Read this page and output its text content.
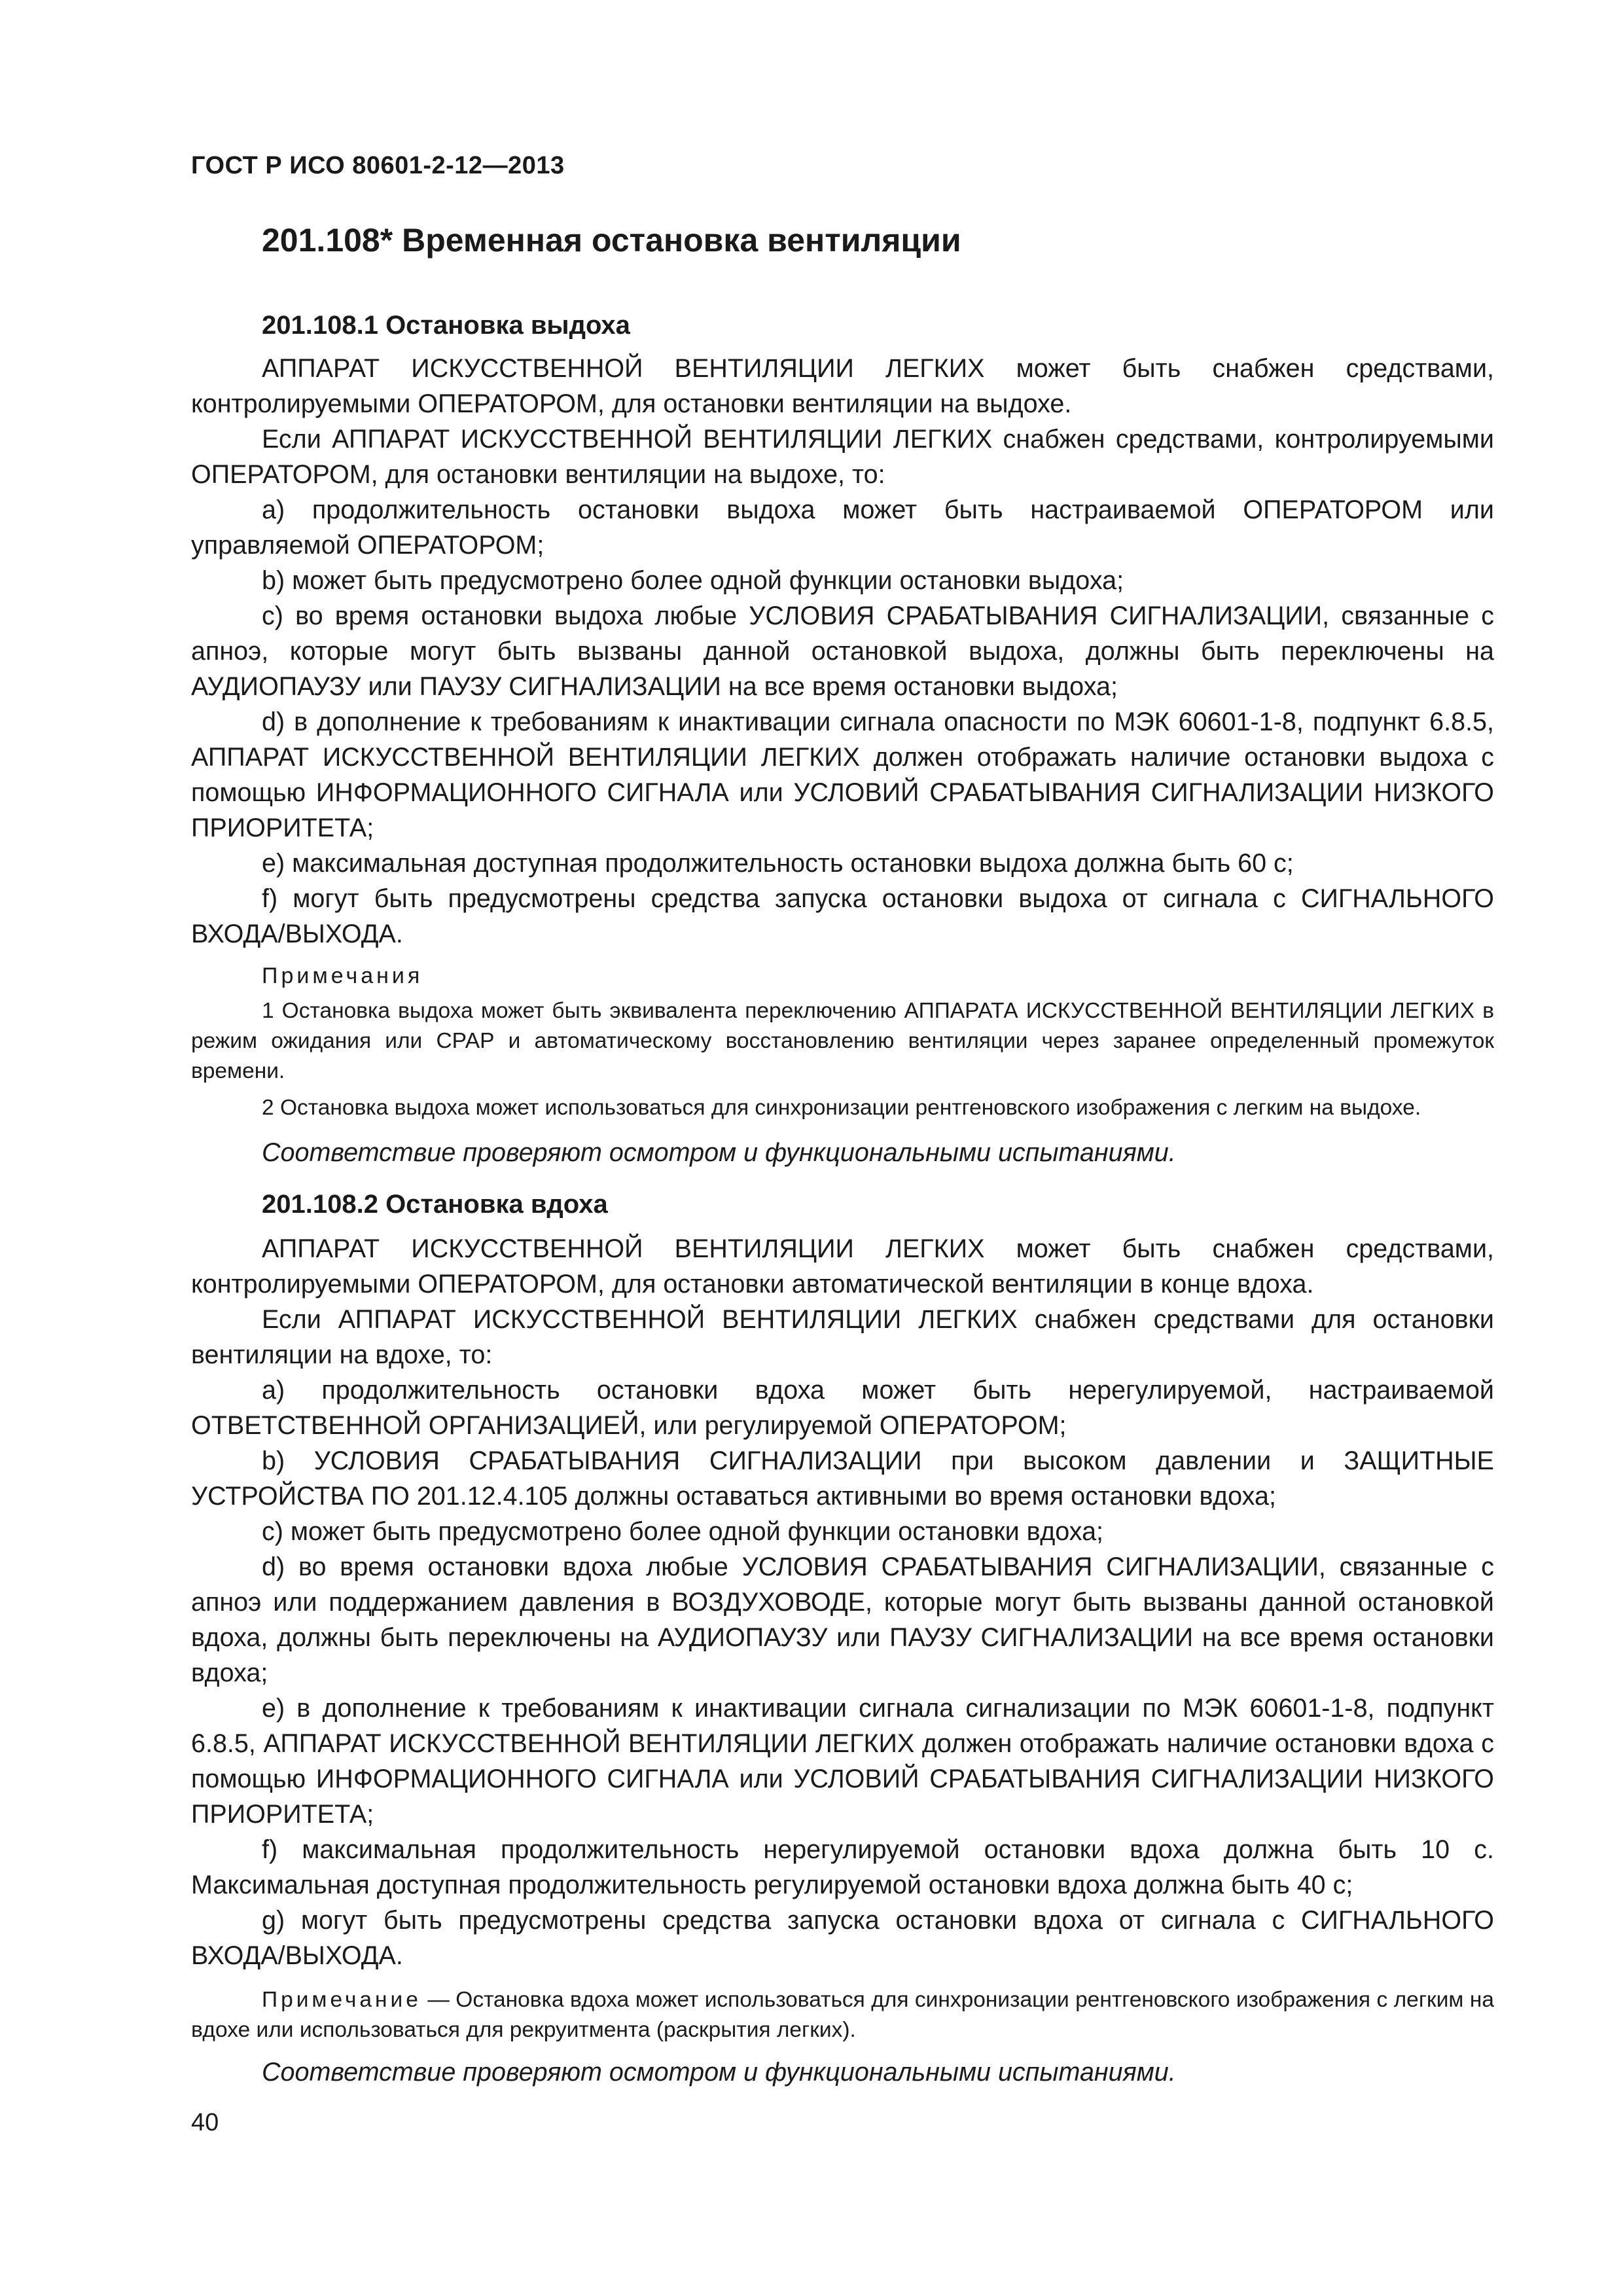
ГОСТ Р ИСО 80601-2-12—2013
201.108* Временная остановка вентиляции
201.108.1 Остановка выдоха

АППАРАТ ИСКУССТВЕННОЙ ВЕНТИЛЯЦИИ ЛЕГКИХ может быть снабжен средствами, контролируемыми ОПЕРАТОРОМ, для остановки вентиляции на выдохе.

Если АППАРАТ ИСКУССТВЕННОЙ ВЕНТИЛЯЦИИ ЛЕГКИХ снабжен средствами, контролируемыми ОПЕРАТОРОМ, для остановки вентиляции на выдохе, то:

а) продолжительность остановки выдоха может быть настраиваемой ОПЕРАТОРОМ или управляемой ОПЕРАТОРОМ;

b) может быть предусмотрено более одной функции остановки выдоха;

c) во время остановки выдоха любые УСЛОВИЯ СРАБАТЫВАНИЯ СИГНАЛИЗАЦИИ, связанные с апноэ, которые могут быть вызваны данной остановкой выдоха, должны быть переключены на АУДИОПАУЗУ или ПАУЗУ СИГНАЛИЗАЦИИ на все время остановки выдоха;

d) в дополнение к требованиям к инактивации сигнала опасности по МЭК 60601-1-8, подпункт 6.8.5, АППАРАТ ИСКУССТВЕННОЙ ВЕНТИЛЯЦИИ ЛЕГКИХ должен отображать наличие остановки выдоха с помощью ИНФОРМАЦИОННОГО СИГНАЛА или УСЛОВИЙ СРАБАТЫВАНИЯ СИГНАЛИЗАЦИИ НИЗКОГО ПРИОРИТЕТА;

e) максимальная доступная продолжительность остановки выдоха должна быть 60 с;

f) могут быть предусмотрены средства запуска остановки выдоха от сигнала с СИГНАЛЬНОГО ВХОДА/ВЫХОДА.

Примечания

1 Остановка выдоха может быть эквивалента переключению АППАРАТА ИСКУССТВЕННОЙ ВЕНТИЛЯЦИИ ЛЕГКИХ в режим ожидания или СРАР и автоматическому восстановлению вентиляции через заранее определенный промежуток времени.

2 Остановка выдоха может использоваться для синхронизации рентгеновского изображения с легким на выдохе.

Соответствие проверяют осмотром и функциональными испытаниями.
201.108.2 Остановка вдоха

АППАРАТ ИСКУССТВЕННОЙ ВЕНТИЛЯЦИИ ЛЕГКИХ может быть снабжен средствами, контролируемыми ОПЕРАТОРОМ, для остановки автоматической вентиляции в конце вдоха.

Если АППАРАТ ИСКУССТВЕННОЙ ВЕНТИЛЯЦИИ ЛЕГКИХ снабжен средствами для остановки вентиляции на вдохе, то:

а) продолжительность остановки вдоха может быть нерегулируемой, настраиваемой ОТВЕТСТВЕННОЙ ОРГАНИЗАЦИЕЙ, или регулируемой ОПЕРАТОРОМ;

b) УСЛОВИЯ СРАБАТЫВАНИЯ СИГНАЛИЗАЦИИ при высоком давлении и ЗАЩИТНЫЕ УСТРОЙСТВА ПО 201.12.4.105 должны оставаться активными во время остановки вдоха;

c) может быть предусмотрено более одной функции остановки вдоха;

d) во время остановки вдоха любые УСЛОВИЯ СРАБАТЫВАНИЯ СИГНАЛИЗАЦИИ, связанные с апноэ или поддержанием давления в ВОЗДУХОВОДЕ, которые могут быть вызваны данной остановкой вдоха, должны быть переключены на АУДИОПАУЗУ или ПАУЗУ СИГНАЛИЗАЦИИ на все время остановки вдоха;

e) в дополнение к требованиям к инактивации сигнала сигнализации по МЭК 60601-1-8, подпункт 6.8.5, АППАРАТ ИСКУССТВЕННОЙ ВЕНТИЛЯЦИИ ЛЕГКИХ должен отображать наличие остановки вдоха с помощью ИНФОРМАЦИОННОГО СИГНАЛА или УСЛОВИЙ СРАБАТЫВАНИЯ СИГНАЛИЗАЦИИ НИЗКОГО ПРИОРИТЕТА;

f) максимальная продолжительность нерегулируемой остановки вдоха должна быть 10 с. Максимальная доступная продолжительность регулируемой остановки вдоха должна быть 40 с;

g) могут быть предусмотрены средства запуска остановки вдоха от сигнала с СИГНАЛЬНОГО ВХОДА/ВЫХОДА.

Примечание — Остановка вдоха может использоваться для синхронизации рентгеновского изображения с легким на вдохе или использоваться для рекруитмента (раскрытия легких).

Соответствие проверяют осмотром и функциональными испытаниями.
40
